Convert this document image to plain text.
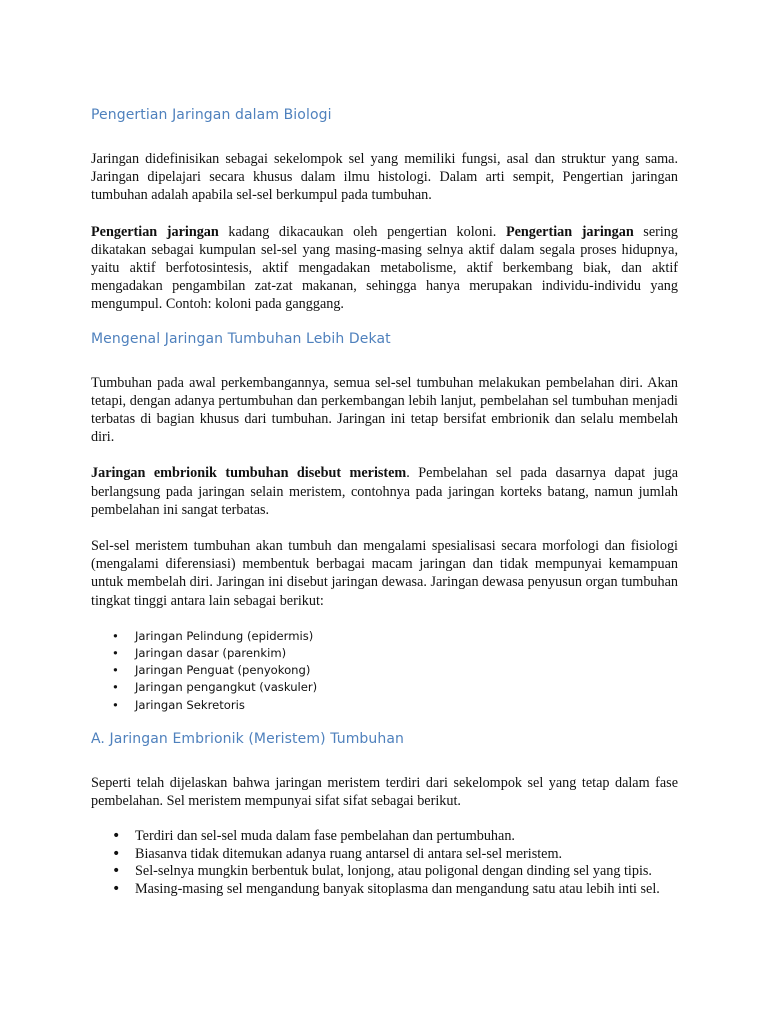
Pengertian Jaringan dalam Biologi

Jaringan didefinisikan sebagai sekelompok sel yang memiliki fungsi, asal dan struktur yang sama. Jaringan dipelajari secara khusus dalam ilmu histologi. Dalam arti sempit, Pengertian jaringan tumbuhan adalah apabila sel-sel berkumpul pada tumbuhan.

Pengertian jaringan kadang dikacaukan oleh pengertian koloni. Pengertian jaringan sering dikatakan sebagai kumpulan sel-sel yang masing-masing selnya aktif dalam segala proses hidupnya, yaitu aktif berfotosintesis, aktif mengadakan metabolisme, aktif berkembang biak, dan aktif mengadakan pengambilan zat-zat makanan, sehingga hanya merupakan individu-individu yang mengumpul. Contoh: koloni pada ganggang.

Mengenal Jaringan Tumbuhan Lebih Dekat

Tumbuhan pada awal perkembangannya, semua sel-sel tumbuhan melakukan pembelahan diri. Akan tetapi, dengan adanya pertumbuhan dan perkembangan lebih lanjut, pembelahan sel tumbuhan menjadi terbatas di bagian khusus dari tumbuhan. Jaringan ini tetap bersifat embrionik dan selalu membelah diri.

Jaringan embrionik tumbuhan disebut meristem. Pembelahan sel pada dasarnya dapat juga berlangsung pada jaringan selain meristem, contohnya pada jaringan korteks batang, namun jumlah pembelahan ini sangat terbatas.

Sel-sel meristem tumbuhan akan tumbuh dan mengalami spesialisasi secara morfologi dan fisiologi (mengalami diferensiasi) membentuk berbagai macam jaringan dan tidak mempunyai kemampuan untuk membelah diri. Jaringan ini disebut jaringan dewasa. Jaringan dewasa penyusun organ tumbuhan tingkat tinggi antara lain sebagai berikut:

• Jaringan Pelindung (epidermis)
• Jaringan dasar (parenkim)
• Jaringan Penguat (penyokong)
• Jaringan pengangkut (vaskuler)
• Jaringan Sekretoris
A. Jaringan Embrionik (Meristem) Tumbuhan

Seperti telah dijelaskan bahwa jaringan meristem terdiri dari sekelompok sel yang tetap dalam fase pembelahan. Sel meristem mempunyai sifat sifat sebagai berikut.

• Terdiri dan sel-sel muda dalam fase pembelahan dan pertumbuhan.
• Biasanva tidak ditemukan adanya ruang antarsel di antara sel-sel meristem.
• Sel-selnya mungkin berbentuk bulat, lonjong, atau poligonal dengan dinding sel yang tipis.
• Masing-masing sel mengandung banyak sitoplasma dan mengandung satu atau lebih inti sel.
